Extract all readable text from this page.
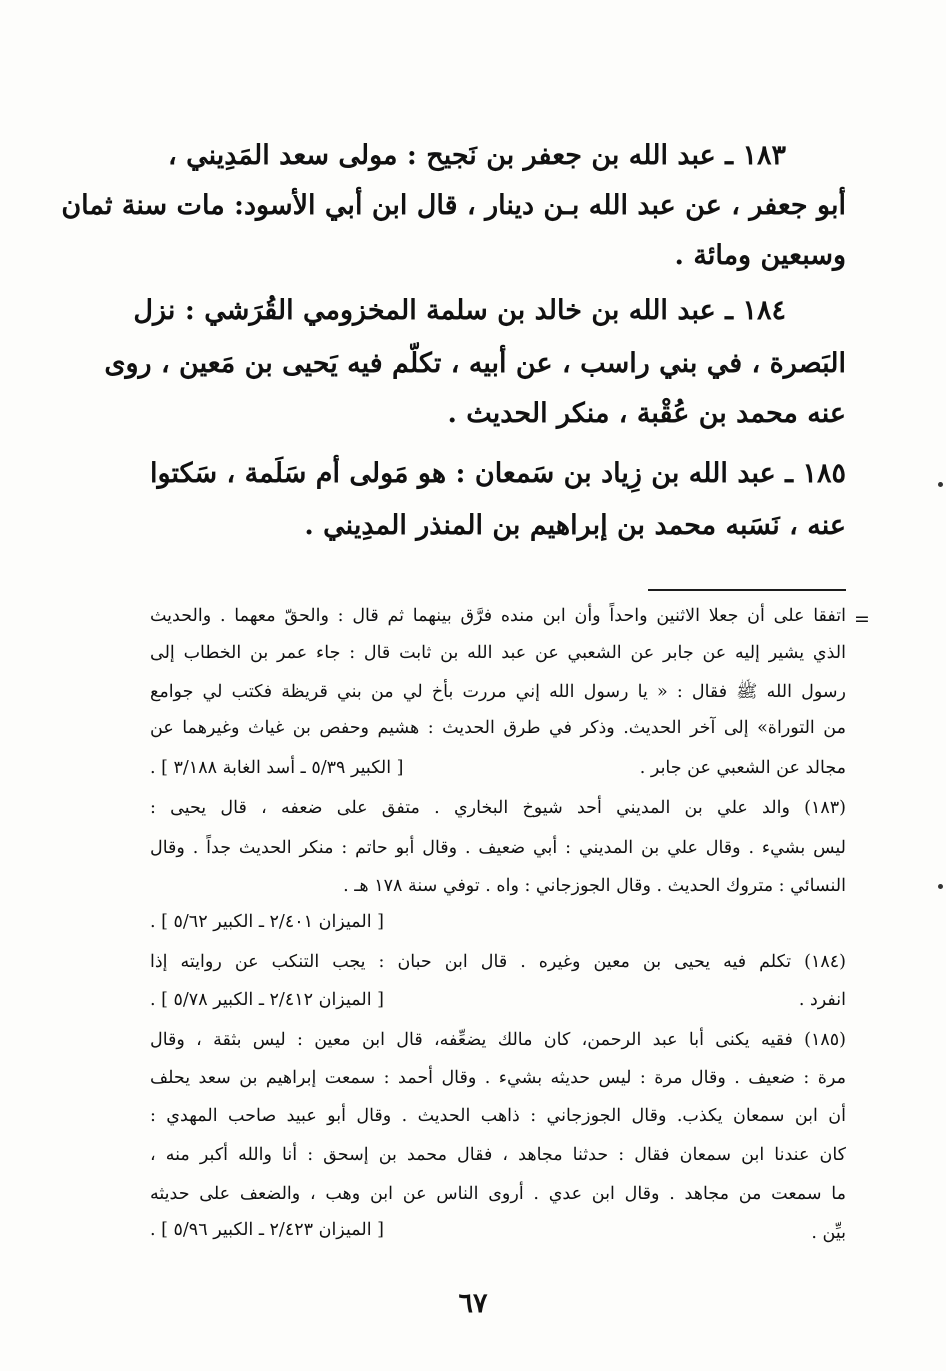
١٨٣ ـ عبد الله بن جعفر بن نَجيح : مولى سعد المَدِيني ،
أبو جعفر ، عن عبد الله بـن دينار ، قال ابن أبي الأسود: مات سنة ثمان
وسبعين ومائة .
١٨٤ ـ عبد الله بن خالد بن سلمة المخزومي القُرَشي : نزل
البَصرة ، في بني راسب ، عن أبيه ، تكلّم فيه يَحيى بن مَعين ، روى
عنه محمد بن عُقْبة ، منكر الحديث .
١٨٥ ـ عبد الله بن زِياد بن سَمعان : هو مَولى أم سَلَمة ، سَكتوا
عنه ، نَسَبه محمد بن إبراهيم بن المنذر المدِيني .
=
اتفقا على أن جعلا الاثنين واحداً وأن ابن منده فرَّق بينهما ثم قال : والحقّ معهما . والحديث
الذي يشير إليه عن جابر عن الشعبي عن عبد الله بن ثابت قال : جاء عمر بن الخطاب إلى
رسول الله ﷺ فقال : « يا رسول الله إني مررت بأخ لي من بني قريظة فكتب لي جوامع
من التوراة» إلى آخر الحديث. وذكر في طرق الحديث : هشيم وحفص بن غياث وغيرهما عن
مجالد عن الشعبي عن جابر .
[ الكبير ٥/٣٩ ـ أسد الغابة ٣/١٨٨ ] .
(١٨٣) والد علي بن المديني أحد شيوخ البخاري . متفق على ضعفه ، قال يحيى :
ليس بشيء . وقال علي بن المديني : أبي ضعيف . وقال أبو حاتم : منكر الحديث جداً . وقال
النسائي : متروك الحديث . وقال الجوزجاني : واه . توفي سنة ١٧٨ هـ .
[ الميزان ٢/٤٠١ ـ الكبير ٥/٦٢ ] .
(١٨٤) تكلم فيه يحيى بن معين وغيره . قال ابن حبان : يجب التنكب عن روايته إذا
انفرد .
[ الميزان ٢/٤١٢ ـ الكبير ٥/٧٨ ] .
(١٨٥) فقيه يكنى أبا عبد الرحمن، كان مالك يضعِّفه، قال ابن معين : ليس بثقة ، وقال
مرة : ضعيف . وقال مرة : ليس حديثه بشيء . وقال أحمد : سمعت إبراهيم بن سعد يحلف
أن ابن سمعان يكذب. وقال الجوزجاني : ذاهب الحديث . وقال أبو عبيد صاحب المهدي :
كان عندنا ابن سمعان فقال : حدثنا مجاهد ، فقال محمد بن إسحق : أنا والله أكبر منه ،
ما سمعت من مجاهد . وقال ابن عدي . أروى الناس عن ابن وهب ، والضعف على حديثه
بيِّن .
[ الميزان ٢/٤٢٣ ـ الكبير ٥/٩٦ ] .
٦٧
